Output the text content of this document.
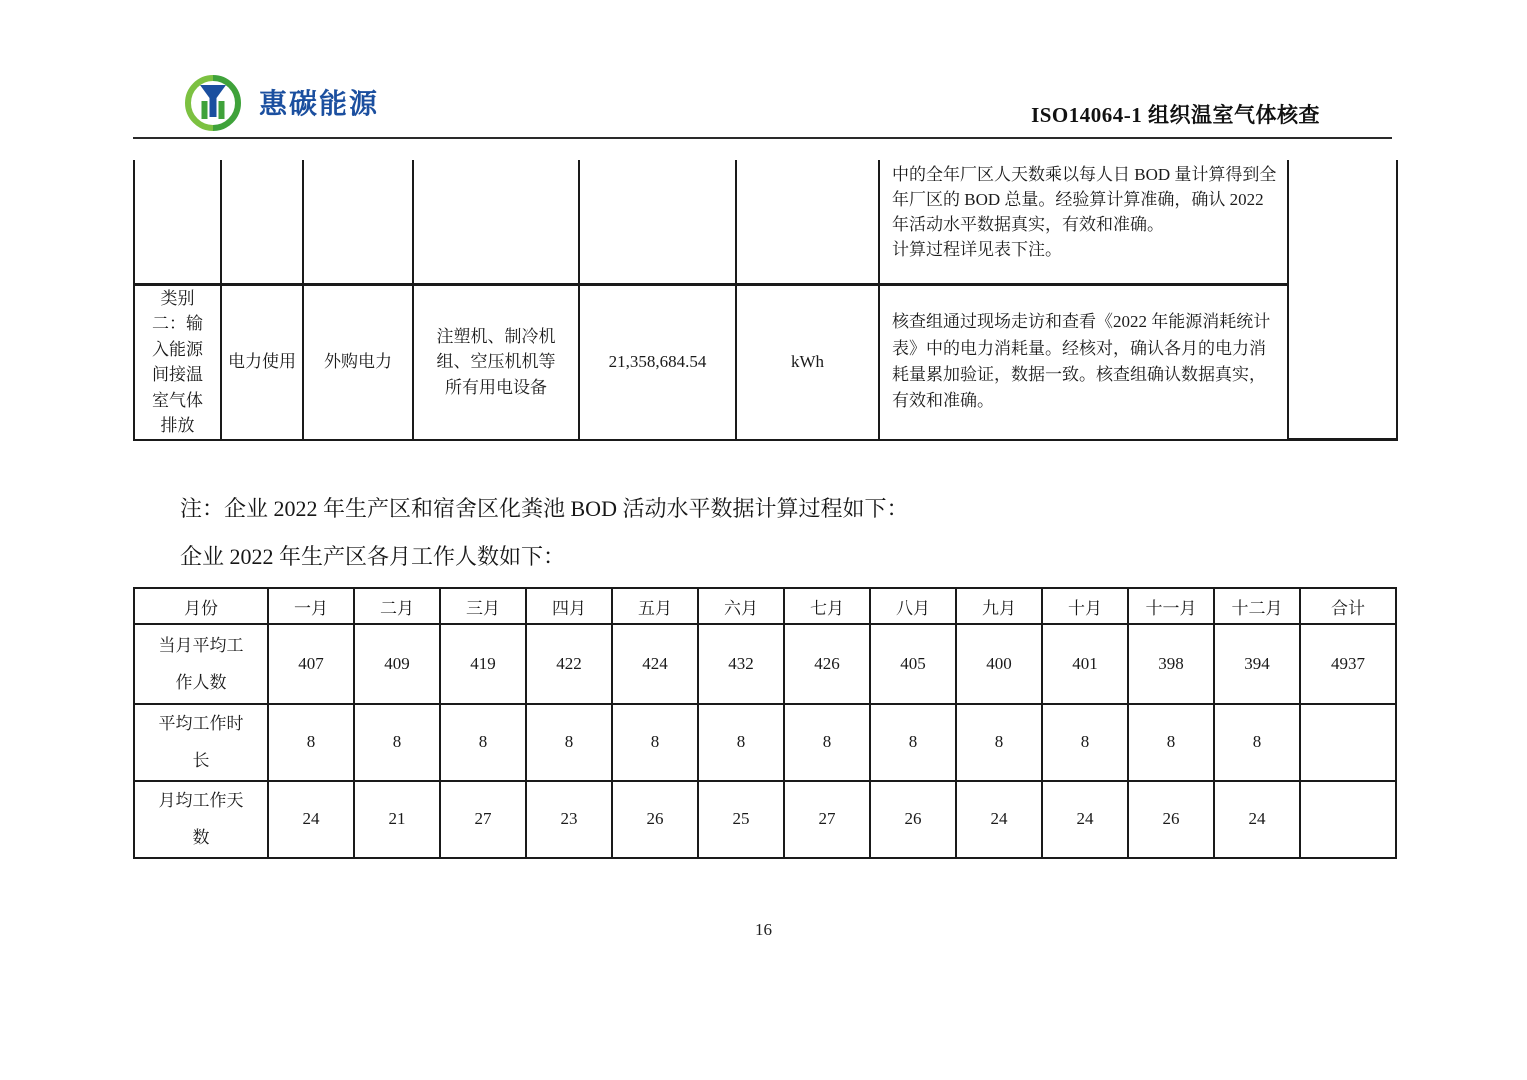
惠碳能源	ISO14064-1 组织温室气体核查

						中的全年厂区人天数乘以每人日 BOD 量计算得到全年厂区的 BOD 总量。经验算计算准确，确认 2022 年活动水平数据真实，有效和准确。
计算过程详见表下注。	

类别二：输入能源间接温室气体排放	电力使用	外购电力	注塑机、制冷机组、空压机机等所有用电设备	21,358,684.54	kWh	核查组通过现场走访和查看《2022 年能源消耗统计表》中的电力消耗量。经核对，确认各月的电力消耗量累加验证，数据一致。核查组确认数据真实，有效和准确。	
注：企业 2022 年生产区和宿舍区化粪池 BOD 活动水平数据计算过程如下：
企业 2022 年生产区各月工作人数如下：
月份	一月	二月	三月	四月	五月	六月	七月	八月	九月	十月	十一月	十二月	合计
当月平均工作人数	407	409	419	422	424	432	426	405	400	401	398	394	4937
平均工作时长	8	8	8	8	8	8	8	8	8	8	8	8	
月均工作天数	24	21	27	23	26	25	27	26	24	24	26	24	
16
